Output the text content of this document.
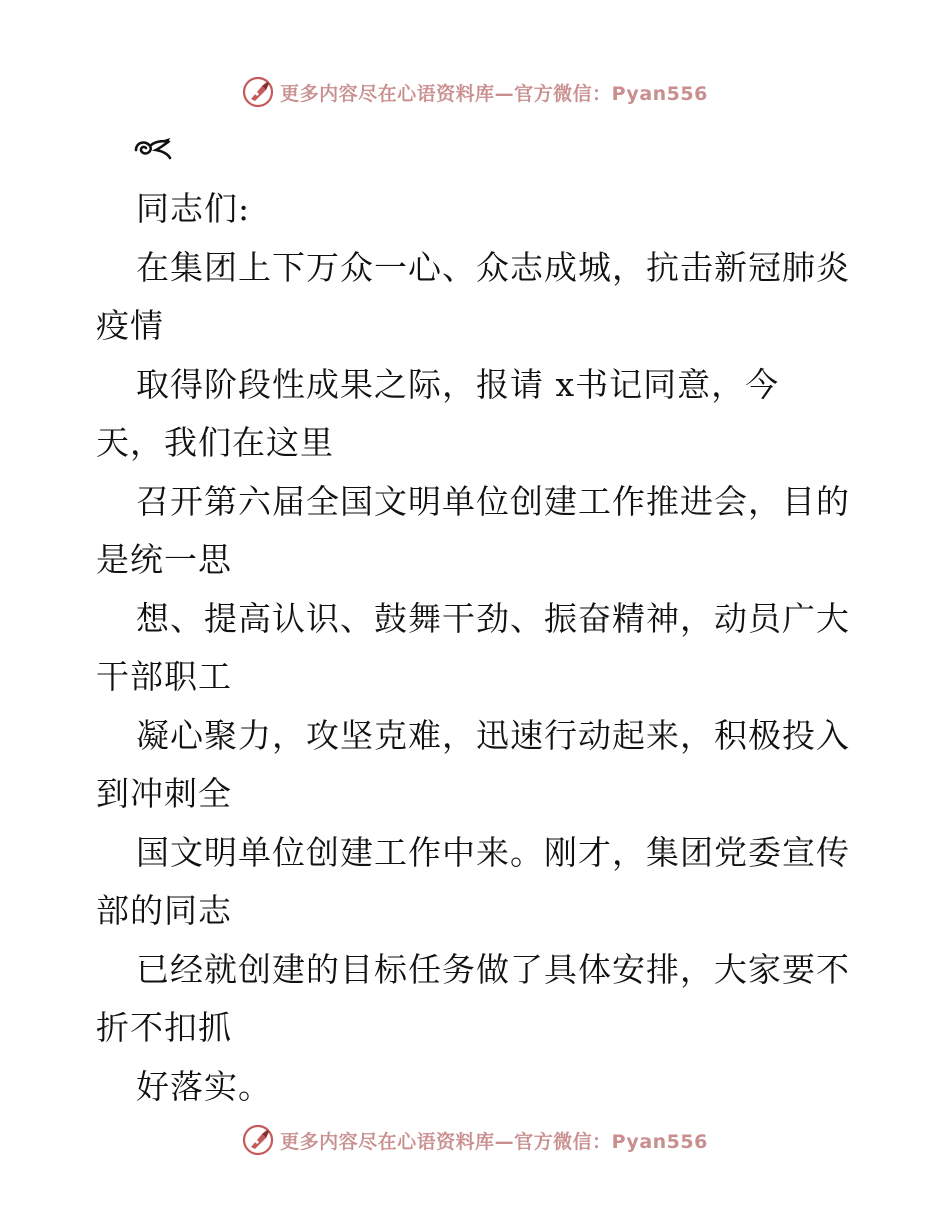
更多内容尽在心语资料库—官方微信：Pyan556
同志们:
在集团上下万众一心、众志成城，抗击新冠肺炎
疫情
取得阶段性成果之际，报请 x书记同意，今
天，我们在这里
召开第六届全国文明单位创建工作推进会，目的
是统一思
想、提高认识、鼓舞干劲、振奋精神，动员广大
干部职工
凝心聚力，攻坚克难，迅速行动起来，积极投入
到冲刺全
国文明单位创建工作中来。刚才，集团党委宣传
部的同志
已经就创建的目标任务做了具体安排，大家要不
折不扣抓
好落实。
更多内容尽在心语资料库—官方微信：Pyan556
